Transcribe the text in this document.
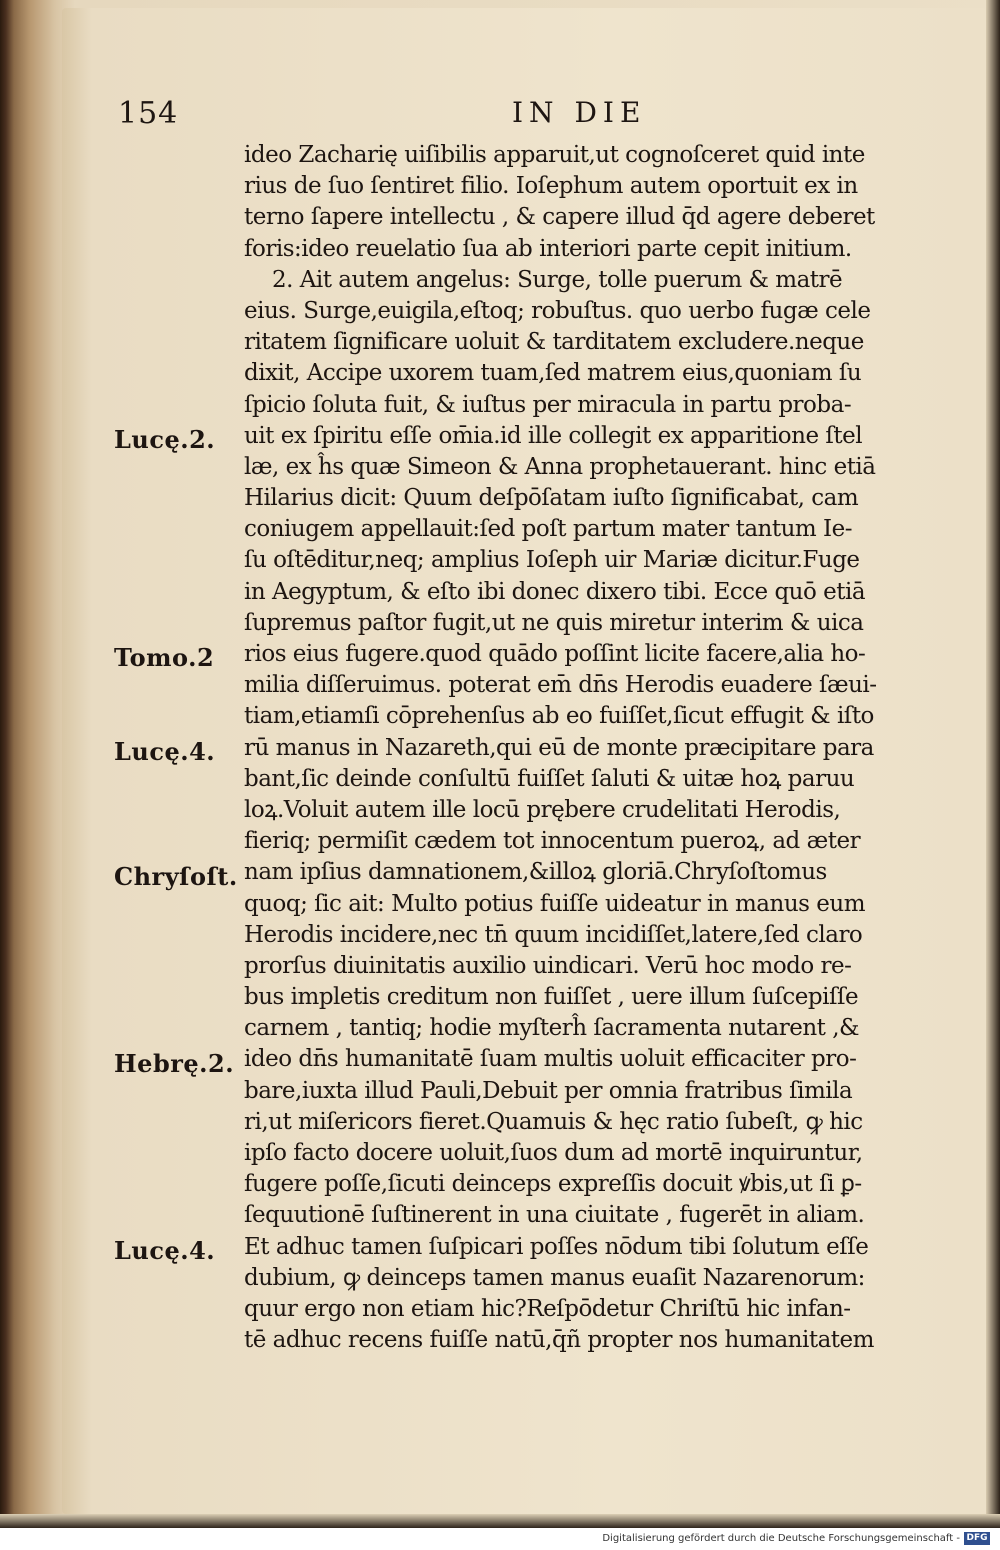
154	IN DIE
ideo Zacharię uiſibilis apparuit,ut cognoſceret quid inte
rius de ſuo ſentiret filio. Ioſephum autem oportuit ex in
terno ſapere intellectu , & capere illud q̄d agere deberet
foris:ideo reuelatio ſua ab interiori parte cepit initium.
2. Ait autem angelus: Surge, tolle puerum & matrē
eius. Surge,euigila,eſtoq; robuſtus. quo uerbo fugæ cele
ritatem ſignificare uoluit & tarditatem excludere.neque
dixit, Accipe uxorem tuam,ſed matrem eius,quoniam ſu
ſpicio ſoluta fuit, & iuſtus per miracula in partu proba-
uit ex ſpiritu eſſe om̄ia.id ille collegit ex apparitione ſtel
læ, ex ĥs quæ Simeon & Anna prophetauerant. hinc etiā
Hilarius dicit: Quum deſpōſatam iuſto ſignificabat, cam
coniugem appellauit:ſed poſt partum mater tantum Ie-
ſu oſtēditur,neq; amplius Ioſeph uir Mariæ dicitur.Fuge
in Aegyptum, & eſto ibi donec dixero tibi. Ecce quō etiā
ſupremus paſtor fugit,ut ne quis miretur interim & uica
rios eius fugere.quod quādo poſſint licite facere,alia ho-
milia diſſeruimus. poterat em̄ dn̄s Herodis euadere ſæui-
tiam,etiamſi cōprehenſus ab eo fuiſſet,ſicut effugit & iſto
rū manus in Nazareth,qui eū de monte præcipitare para
bant,ſic deinde conſultū fuiſſet ſaluti & uitæ hoꝝ paruu
loꝝ.Voluit autem ille locū prębere crudelitati Herodis,
fieriq; permiſit cædem tot innocentum pueroꝝ, ad æter
nam ipſius damnationem,&illoꝝ gloriā.Chryſoſtomus
quoq; ſic ait: Multo potius fuiſſe uideatur in manus eum
Herodis incidere,nec tn̄ quum incidiſſet,latere,ſed claro
prorſus diuinitatis auxilio uindicari. Verū hoc modo re-
bus impletis creditum non fuiſſet , uere illum ſuſcepiſſe
carnem , tantiq; hodie myſterĥ ſacramenta nutarent ,&
ideo dn̄s humanitatē ſuam multis uoluit efficaciter pro-
bare,iuxta illud Pauli,Debuit per omnia fratribus ſimila
ri,ut miſericors fieret.Quamuis & hęc ratio ſubeſt, ꝙ hic
ipſo facto docere uoluit,ſuos dum ad mortē inquiruntur,
fugere poſſe,ſicuti deinceps expreſſis docuit ꝟbis,ut ſi ꝑ-
ſequutionē ſuſtinerent in una ciuitate , fugerēt in aliam.
Et adhuc tamen ſuſpicari poſſes nōdum tibi ſolutum eſſe
dubium, ꝙ deinceps tamen manus euaſit Nazarenorum:
quur ergo non etiam hic?Reſpōdetur Chriſtū hic infan-
tē adhuc recens fuiſſe natū,q̄ñ propter nos humanitatem
Lucę.2.
Tomo.2
Lucę.4.
Chryſoſt.
Hebrę.2.
Lucę.4.
Digitalisierung gefördert durch die Deutsche Forschungsgemeinschaft - DFG
